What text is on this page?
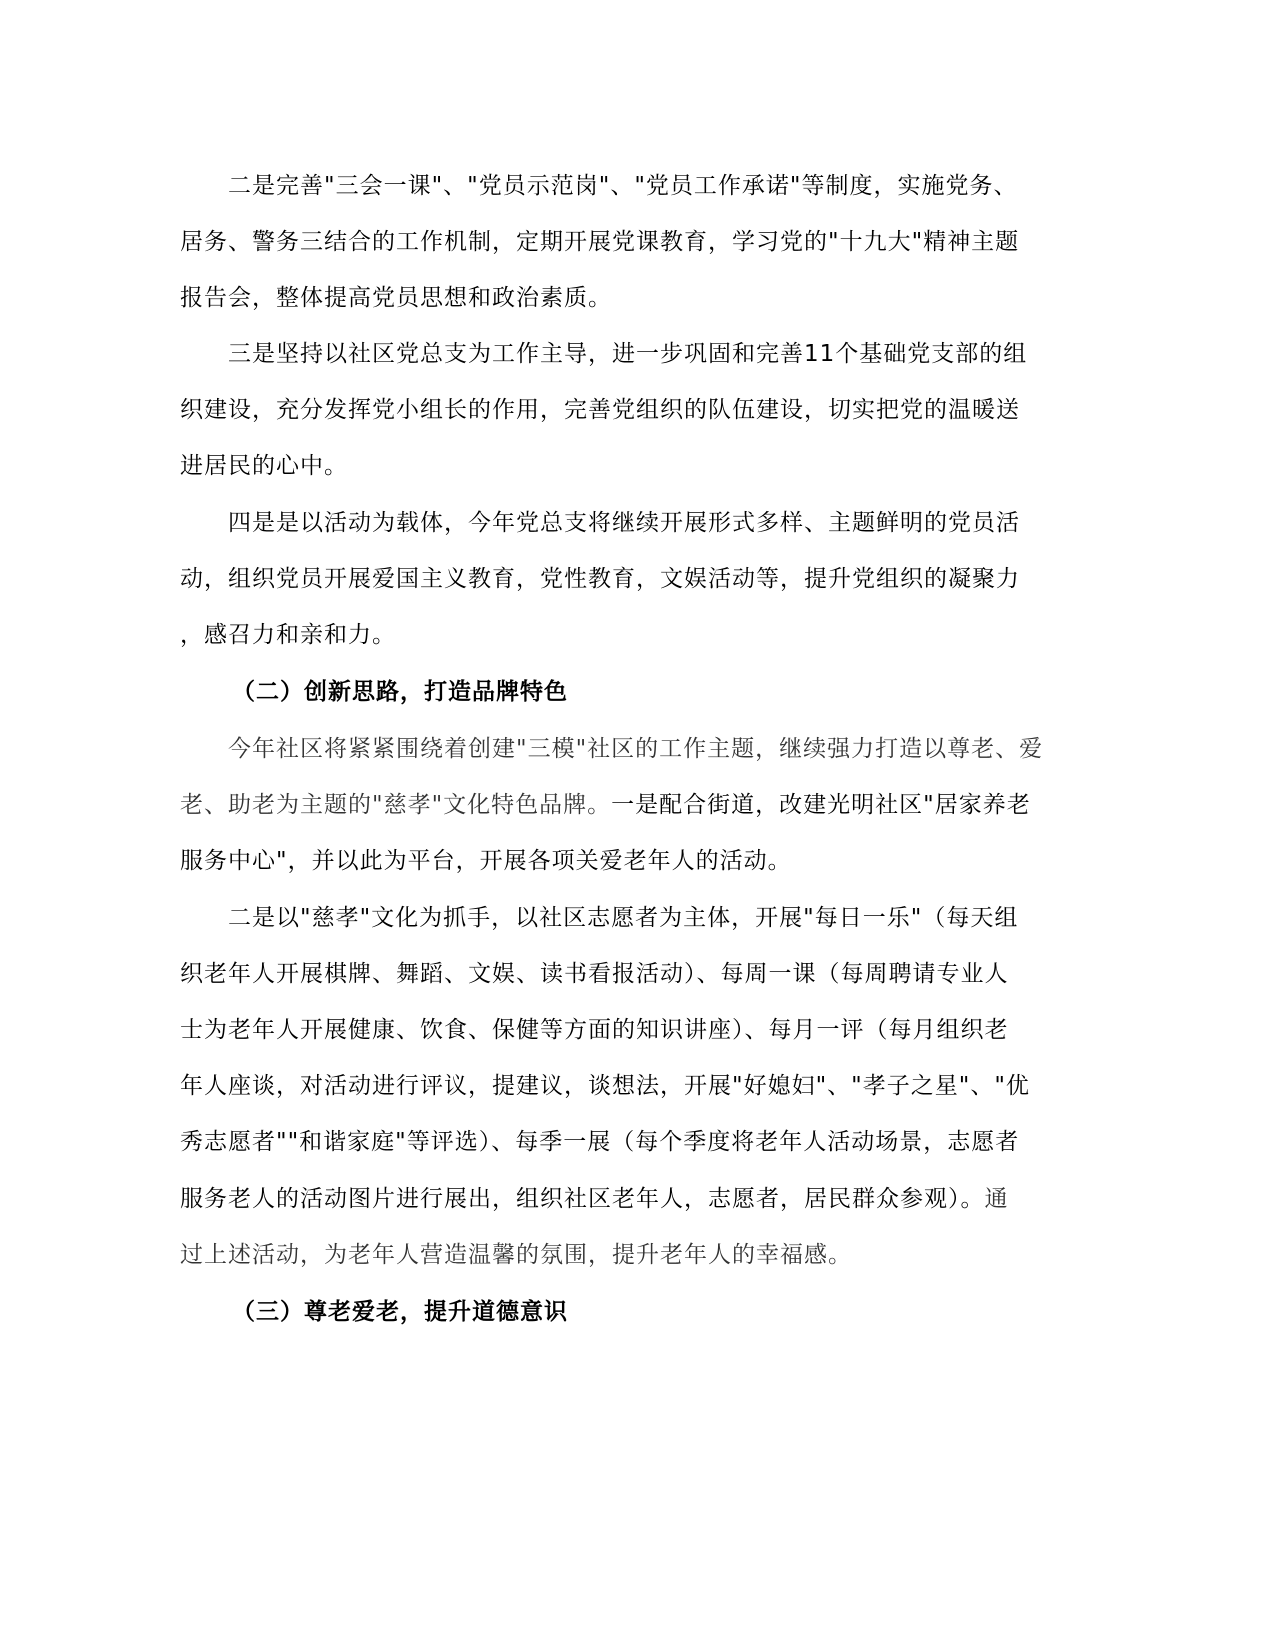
二是完善"三会一课"、"党员示范岗"、"党员工作承诺"等制度，实施党务、
居务、警务三结合的工作机制，定期开展党课教育，学习党的"十九大"精神主题
报告会，整体提高党员思想和政治素质。
三是坚持以社区党总支为工作主导，进一步巩固和完善11个基础党支部的组
织建设，充分发挥党小组长的作用，完善党组织的队伍建设，切实把党的温暖送
进居民的心中。
四是是以活动为载体，今年党总支将继续开展形式多样、主题鲜明的党员活
动，组织党员开展爱国主义教育，党性教育，文娱活动等，提升党组织的凝聚力
，感召力和亲和力。
（二）创新思路，打造品牌特色
今年社区将紧紧围绕着创建"三模"社区的工作主题，继续强力打造以尊老、爱
老、助老为主题的"慈孝"文化特色品牌。一是配合街道，改建光明社区"居家养老
服务中心"，并以此为平台，开展各项关爱老年人的活动。
二是以"慈孝"文化为抓手，以社区志愿者为主体，开展"每日一乐"（每天组
织老年人开展棋牌、舞蹈、文娱、读书看报活动）、每周一课（每周聘请专业人
士为老年人开展健康、饮食、保健等方面的知识讲座）、每月一评（每月组织老
年人座谈，对活动进行评议，提建议，谈想法，开展"好媳妇"、"孝子之星"、"优
秀志愿者""和谐家庭"等评选）、每季一展（每个季度将老年人活动场景，志愿者
服务老人的活动图片进行展出，组织社区老年人，志愿者，居民群众参观）。通
过上述活动，为老年人营造温馨的氛围，提升老年人的幸福感。
（三）尊老爱老，提升道德意识
